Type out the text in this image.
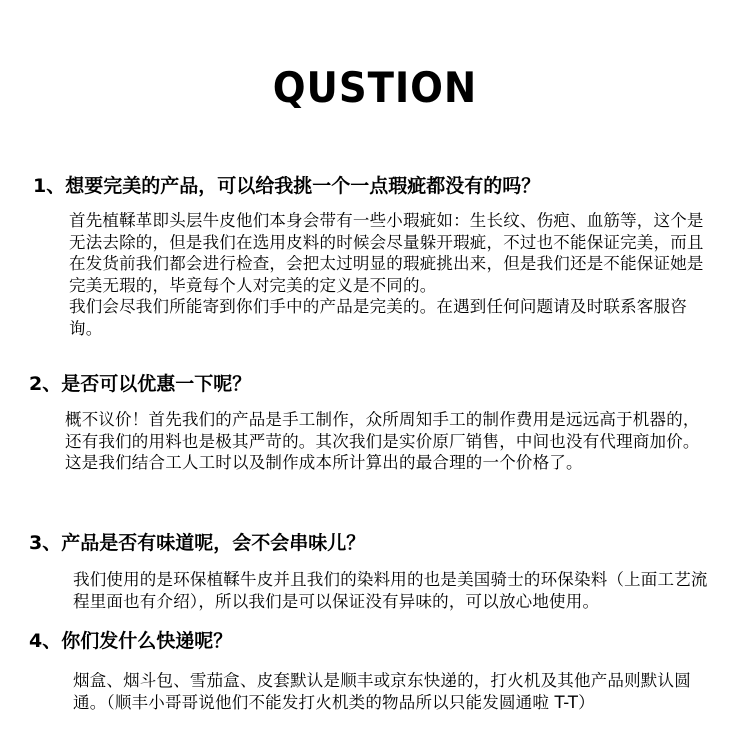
QUSTION
1、想要完美的产品，可以给我挑一个一点瑕疵都没有的吗？

首先植鞣革即头层牛皮他们本身会带有一些小瑕疵如：生长纹、伤疤、血筋等，这个是无法去除的，但是我们在选用皮料的时候会尽量躲开瑕疵，不过也不能保证完美，而且在发货前我们都会进行检查，会把太过明显的瑕疵挑出来，但是我们还是不能保证她是完美无瑕的，毕竟每个人对完美的定义是不同的。

我们会尽我们所能寄到你们手中的产品是完美的。在遇到任何问题请及时联系客服咨询。

2、是否可以优惠一下呢？

概不议价！首先我们的产品是手工制作，众所周知手工的制作费用是远远高于机器的，还有我们的用料也是极其严苛的。其次我们是实价原厂销售，中间也没有代理商加价。这是我们结合工人工时以及制作成本所计算出的最合理的一个价格了。

3、产品是否有味道呢，会不会串味儿？

我们使用的是环保植鞣牛皮并且我们的染料用的也是美国骑士的环保染料（上面工艺流程里面也有介绍），所以我们是可以保证没有异味的，可以放心地使用。

4、你们发什么快递呢？

烟盒、烟斗包、雪茄盒、皮套默认是顺丰或京东快递的，打火机及其他产品则默认圆通。（顺丰小哥哥说他们不能发打火机类的物品所以只能发圆通啦 T-T）
